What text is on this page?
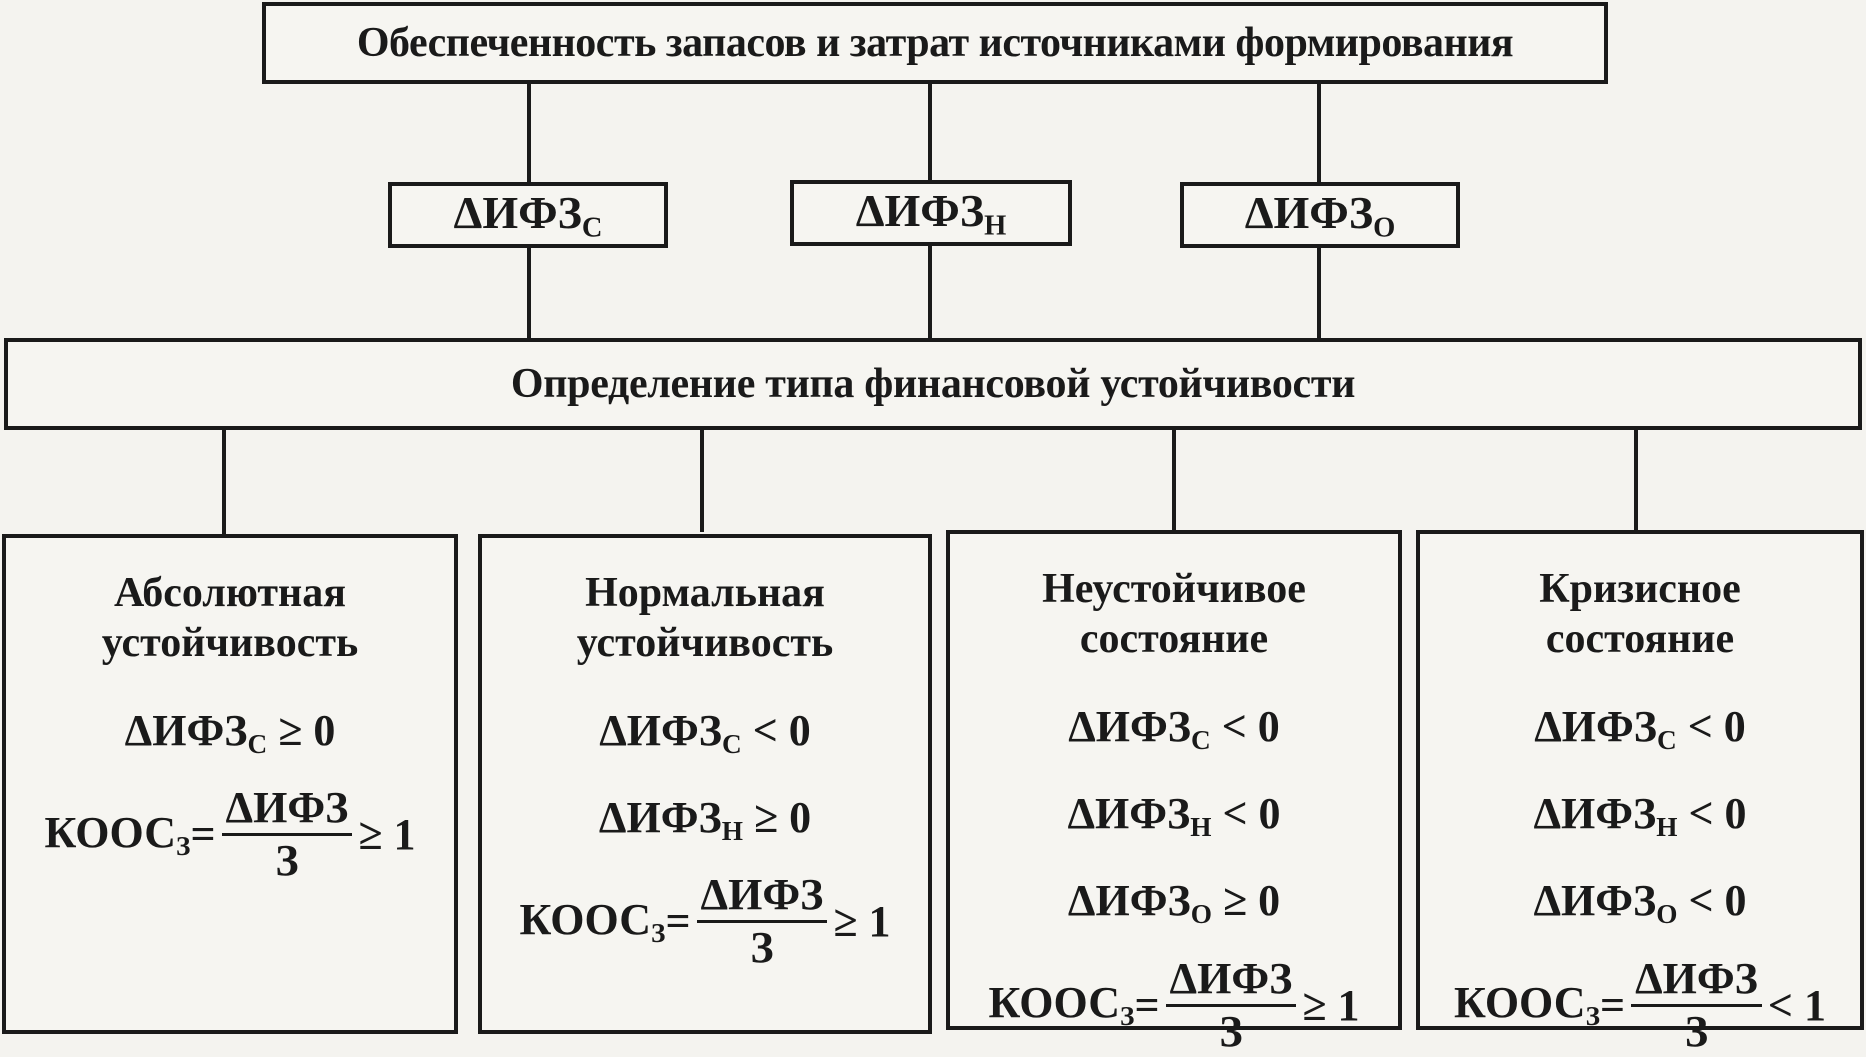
Обеспеченность запасов и затрат источниками формирования
$\Delta ИФЗ_С$	$\Delta ИФЗ_Н$	$\Delta ИФЗ_О$
Определение типа финансовой устойчивости
Абсолютная
устойчивость
$\Delta ИФЗ_С \ge 0$
$КООС_З = \frac{\text{ΔИФЗ}}{З} \ge 1$
Нормальная
устойчивость
$\Delta ИФЗ_С < 0$
$\Delta ИФЗ_Н \ge 0$
$КООС_З = \frac{\text{ΔИФЗ}}{З} \ge 1$
Неустойчивое
состояние
$\Delta ИФЗ_С < 0$
$\Delta ИФЗ_Н < 0$
$\Delta ИФЗ_О \ge 0$
$КООС_З = \frac{\text{ΔИФЗ}}{З} \ge 1$
Кризисное
состояние
$\Delta ИФЗ_С < 0$
$\Delta ИФЗ_Н < 0$
$\Delta ИФЗ_О < 0$
$КООС_З = \frac{\text{ΔИФЗ}}{З} < 1$
